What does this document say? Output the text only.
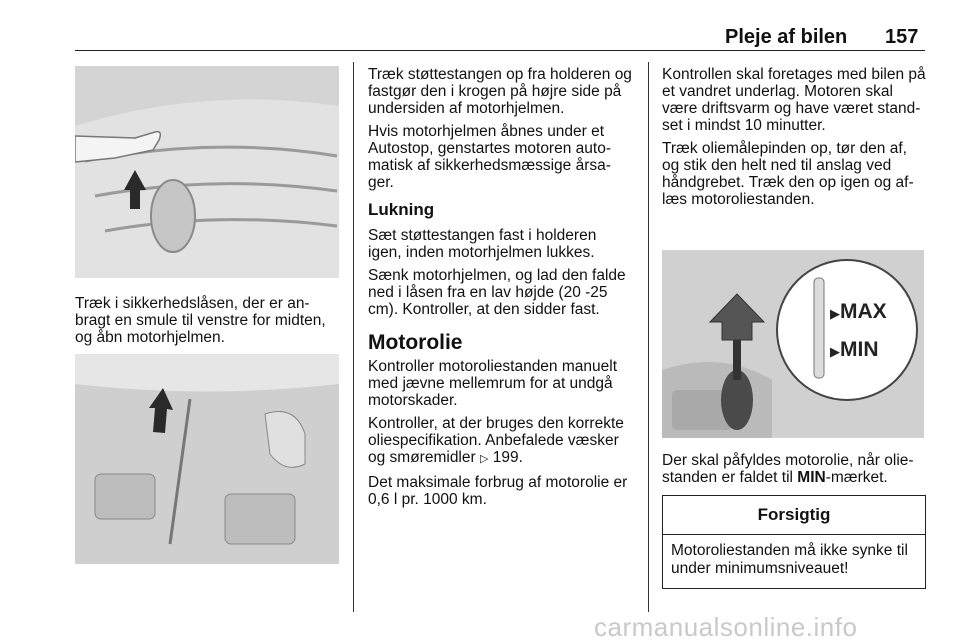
Pleje af bilen 157

Træk i sikkerhedslåsen, der er an-bragt en smule til venstre for midten, og åbn motorhjelmen.

Træk støttestangen op fra holderen og fastgør den i krogen på højre side på undersiden af motorhjelmen.

Hvis motorhjelmen åbnes under et Autostop, genstartes motoren auto-matisk af sikkerhedsmæssige årsa-ger.

Lukning

Sæt støttestangen fast i holderen igen, inden motorhjelmen lukkes.

Sænk motorhjelmen, og lad den falde ned i låsen fra en lav højde (20 -25 cm). Kontroller, at den sidder fast.

Motorolie

Kontroller motoroliestanden manuelt med jævne mellemrum for at undgå motorskader.

Kontroller, at der bruges den korrekte oliespecifikation. Anbefalede væsker og smøremidler ▷ 199.

Det maksimale forbrug af motorolie er 0,6 l pr. 1000 km.

Kontrollen skal foretages med bilen på et vandret underlag. Motoren skal være driftsvarm og have været stand-set i mindst 10 minutter.

Træk oliemålepinden op, tør den af, og stik den helt ned til anslag ved håndgrebet. Træk den op igen og af-læs motoroliestanden.

▶MAX
▶MIN

Der skal påfyldes motorolie, når olie-standen er faldet til MIN-mærket.

Forsigtig
Motoroliestanden må ikke synke til under minimumsniveauet!
carmanualsonline.info
